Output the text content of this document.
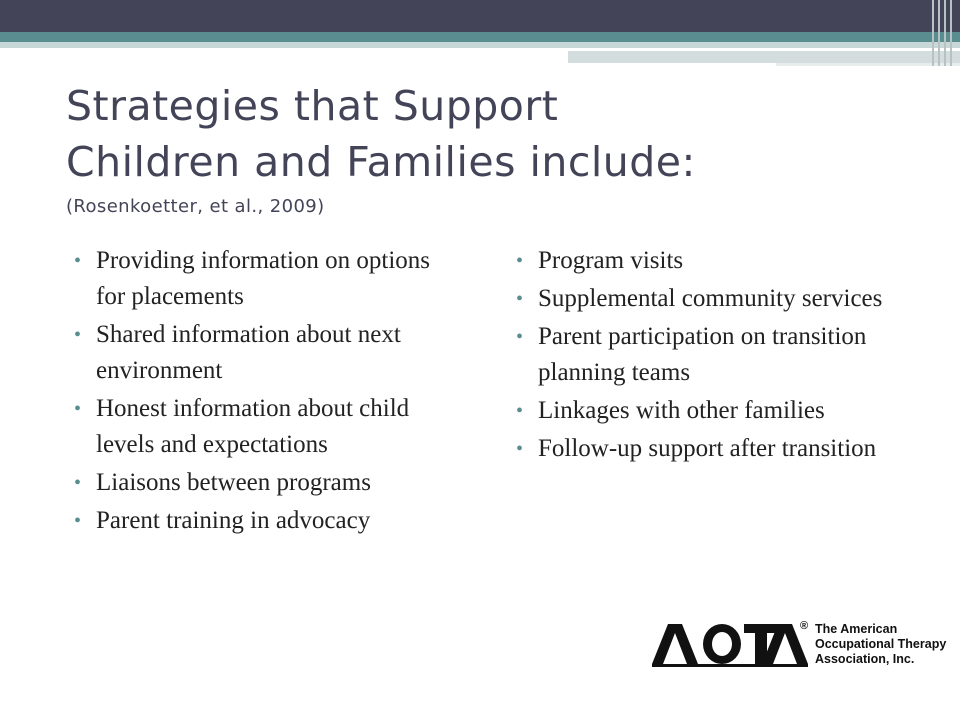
Strategies that Support
Children and Families include:
(Rosenkoetter, et al., 2009)
• Providing information on options for placements
• Shared information about next environment
• Honest information about child levels and expectations
• Liaisons between programs
• Parent training in advocacy
• Program visits
• Supplemental community services
• Parent participation on transition planning teams
• Linkages with other families
• Follow-up support after transition
® The American
Occupational Therapy
Association, Inc.
